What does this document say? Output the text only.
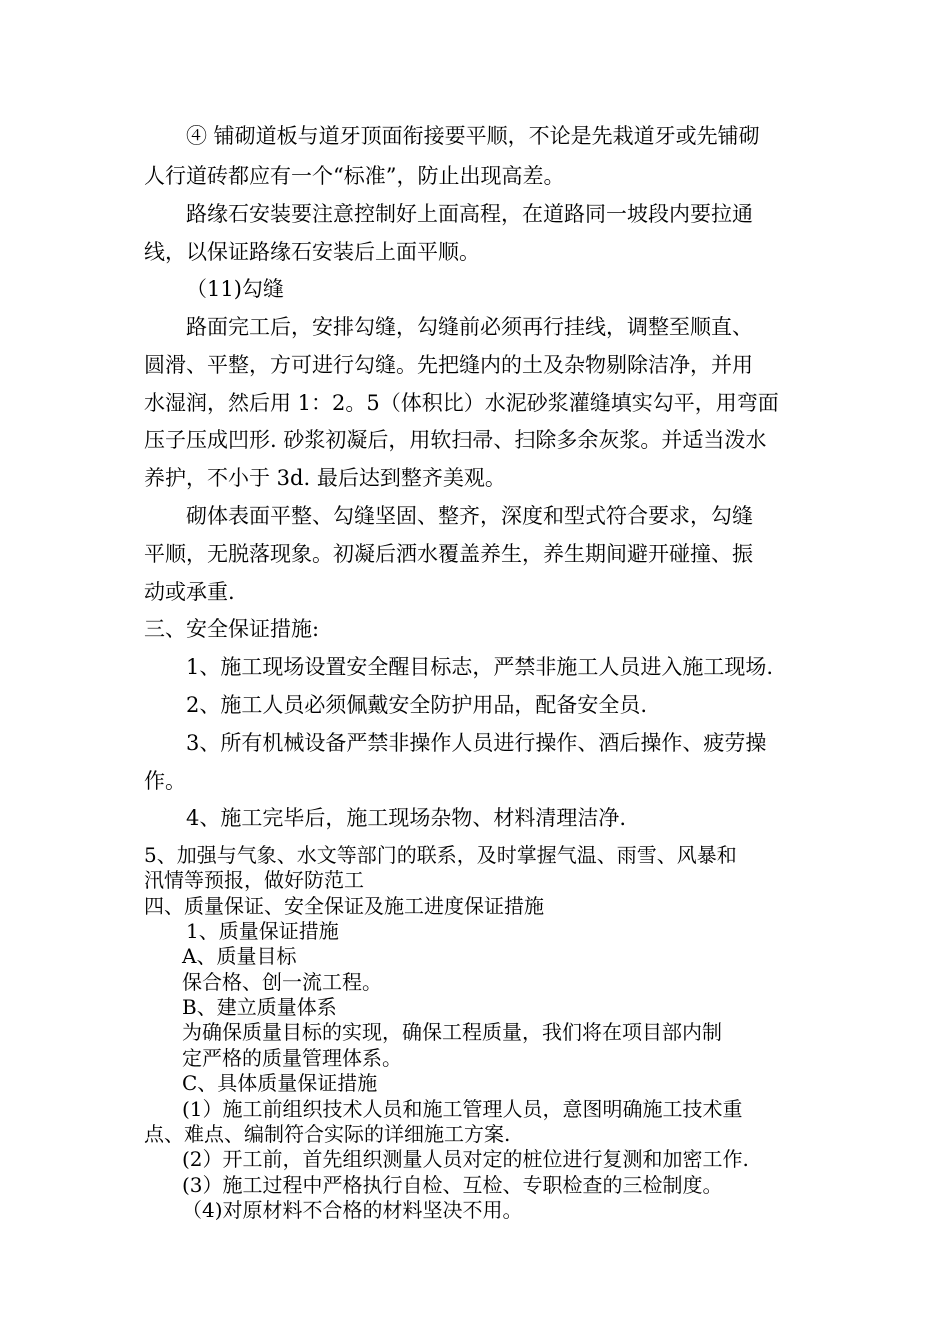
④ 铺砌道板与道牙顶面衔接要平顺，不论是先栽道牙或先铺砌
人行道砖都应有一个“标准”，防止出现高差。
路缘石安装要注意控制好上面高程，在道路同一坡段内要拉通
线，以保证路缘石安装后上面平顺。
（11)勾缝
路面完工后，安排勾缝，勾缝前必须再行挂线，调整至顺直、
圆滑、平整，方可进行勾缝。先把缝内的土及杂物剔除洁净，并用
水湿润，然后用 1：2。5（体积比）水泥砂浆灌缝填实勾平，用弯面
压子压成凹形. 砂浆初凝后，用软扫帚、扫除多余灰浆。并适当泼水
养护，不小于 3d. 最后达到整齐美观。
砌体表面平整、勾缝坚固、整齐，深度和型式符合要求，勾缝
平顺，无脱落现象。初凝后洒水覆盖养生，养生期间避开碰撞、振
动或承重.
三、安全保证措施:
1、施工现场设置安全醒目标志，严禁非施工人员进入施工现场.
2、施工人员必须佩戴安全防护用品，配备安全员.
3、所有机械设备严禁非操作人员进行操作、酒后操作、疲劳操
作。
4、施工完毕后，施工现场杂物、材料清理洁净.
5、加强与气象、水文等部门的联系，及时掌握气温、雨雪、风暴和
汛情等预报，做好防范工
四、质量保证、安全保证及施工进度保证措施
1、质量保证措施
A、质量目标
保合格、创一流工程。
B、建立质量体系
为确保质量目标的实现，确保工程质量，我们将在项目部内制
定严格的质量管理体系。
C、具体质量保证措施
(1）施工前组织技术人员和施工管理人员，意图明确施工技术重
点、难点、编制符合实际的详细施工方案.
(2）开工前，首先组织测量人员对定的桩位进行复测和加密工作.
(3）施工过程中严格执行自检、互检、专职检查的三检制度。
（4)对原材料不合格的材料坚决不用。
